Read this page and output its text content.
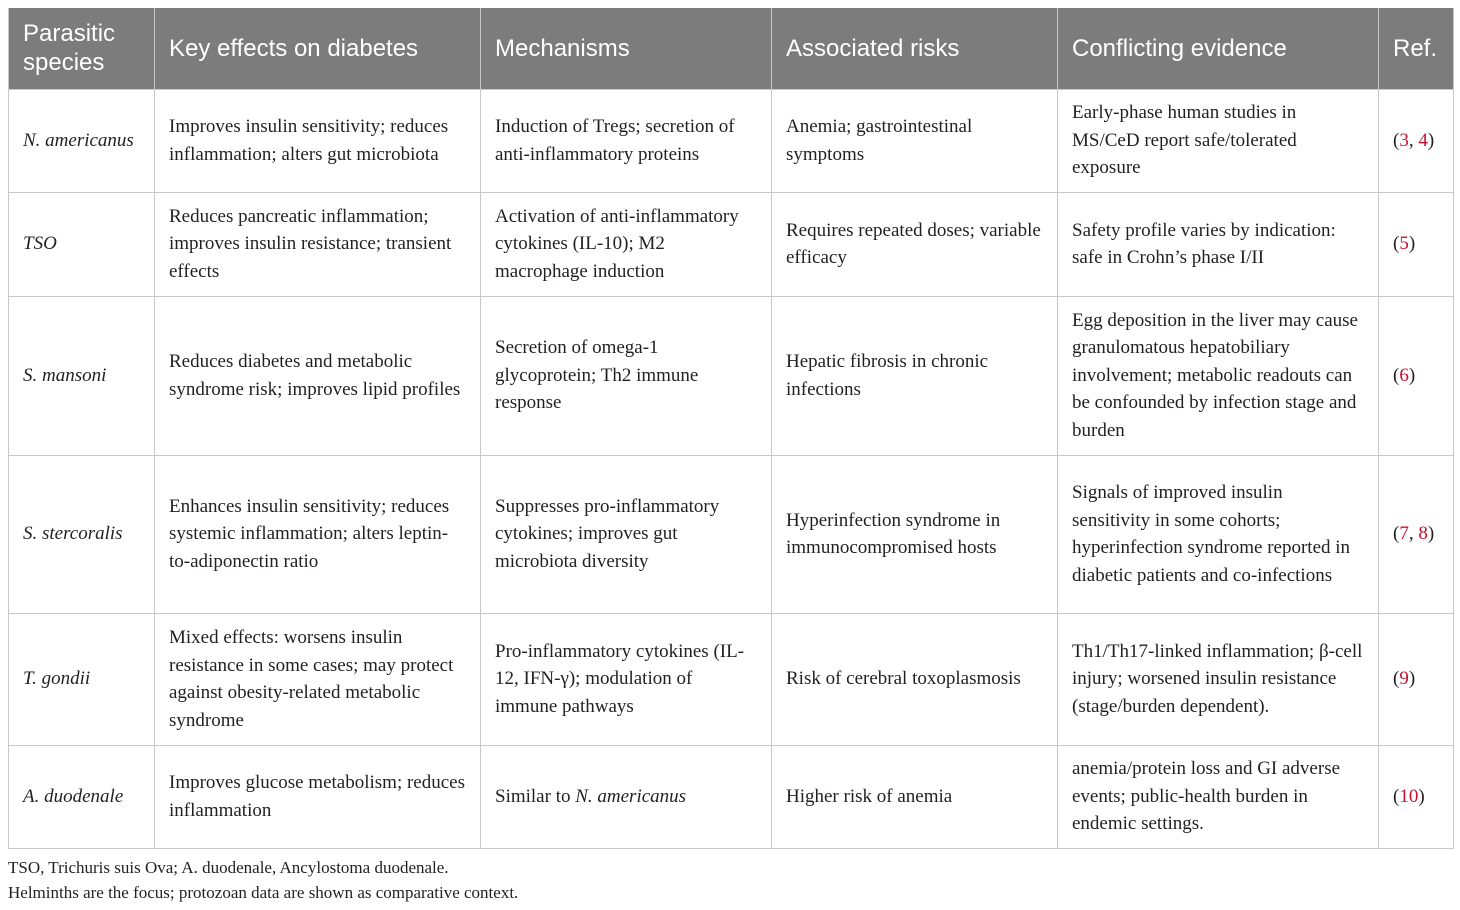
Parasitic species	Key effects on diabetes	Mechanisms	Associated risks	Conflicting evidence	Ref.
N. americanus	Improves insulin sensitivity; reduces inflammation; alters gut microbiota	Induction of Tregs; secretion of anti-inflammatory proteins	Anemia; gastrointestinal symptoms	Early-phase human studies in MS/CeD report safe/tolerated exposure	(3, 4)
TSO	Reduces pancreatic inflammation; improves insulin resistance; transient effects	Activation of anti-inflammatory cytokines (IL-10); M2 macrophage induction	Requires repeated doses; variable efficacy	Safety profile varies by indication: safe in Crohn’s phase I/II	(5)
S. mansoni	Reduces diabetes and metabolic syndrome risk; improves lipid profiles	Secretion of omega-1 glycoprotein; Th2 immune response	Hepatic fibrosis in chronic infections	Egg deposition in the liver may cause granulomatous hepatobiliary involvement; metabolic readouts can be confounded by infection stage and burden	(6)
S. stercoralis	Enhances insulin sensitivity; reduces systemic inflammation; alters leptin-to-adiponectin ratio	Suppresses pro-inflammatory cytokines; improves gut microbiota diversity	Hyperinfection syndrome in immunocompromised hosts	Signals of improved insulin sensitivity in some cohorts; hyperinfection syndrome reported in diabetic patients and co-infections	(7, 8)
T. gondii	Mixed effects: worsens insulin resistance in some cases; may protect against obesity-related metabolic syndrome	Pro-inflammatory cytokines (IL-12, IFN-γ); modulation of immune pathways	Risk of cerebral toxoplasmosis	Th1/Th17-linked inflammation; β-cell injury; worsened insulin resistance (stage/burden dependent).	(9)
A. duodenale	Improves glucose metabolism; reduces inflammation	Similar to N. americanus	Higher risk of anemia	anemia/protein loss and GI adverse events; public-health burden in endemic settings.	(10)
TSO, Trichuris suis Ova; A. duodenale, Ancylostoma duodenale.
Helminths are the focus; protozoan data are shown as comparative context.
